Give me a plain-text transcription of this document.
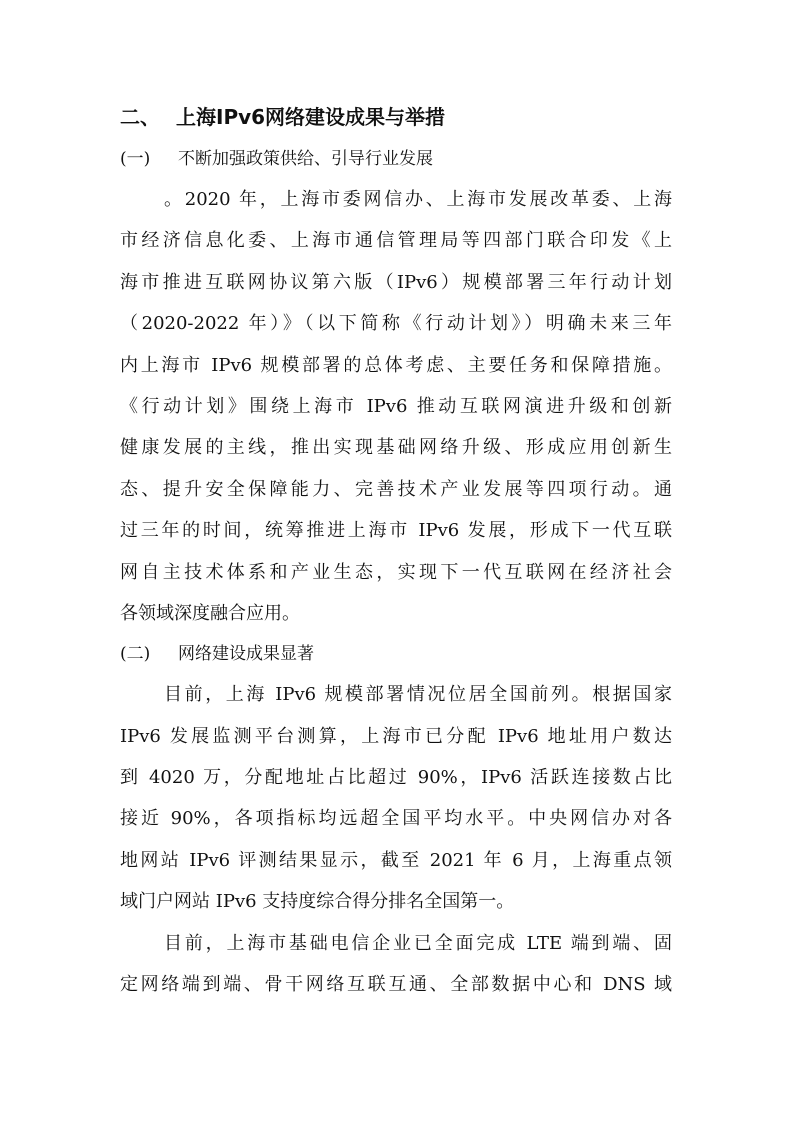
二、 上海IPv6网络建设成果与举措
(一)	不断加强政策供给、引导行业发展
。2020 年，上海市委网信办、上海市发展改革委、上海
市经济信息化委、上海市通信管理局等四部门联合印发《上
海市推进互联网协议第六版（IPv6）规模部署三年行动计划
（2020-2022 年）》（以下简称《行动计划》）明确未来三年
内上海市 IPv6 规模部署的总体考虑、主要任务和保障措施。
《行动计划》围绕上海市 IPv6 推动互联网演进升级和创新
健康发展的主线，推出实现基础网络升级、形成应用创新生
态、提升安全保障能力、完善技术产业发展等四项行动。通
过三年的时间，统筹推进上海市 IPv6 发展，形成下一代互联
网自主技术体系和产业生态，实现下一代互联网在经济社会
各领域深度融合应用。
(二)	网络建设成果显著
目前，上海 IPv6 规模部署情况位居全国前列。根据国家
IPv6 发展监测平台测算，上海市已分配 IPv6 地址用户数达
到 4020 万，分配地址占比超过 90%，IPv6 活跃连接数占比
接近 90%，各项指标均远超全国平均水平。中央网信办对各
地网站 IPv6 评测结果显示，截至 2021 年 6 月，上海重点领
域门户网站 IPv6 支持度综合得分排名全国第一。
目前，上海市基础电信企业已全面完成 LTE 端到端、固
定网络端到端、骨干网络互联互通、全部数据中心和 DNS 域
